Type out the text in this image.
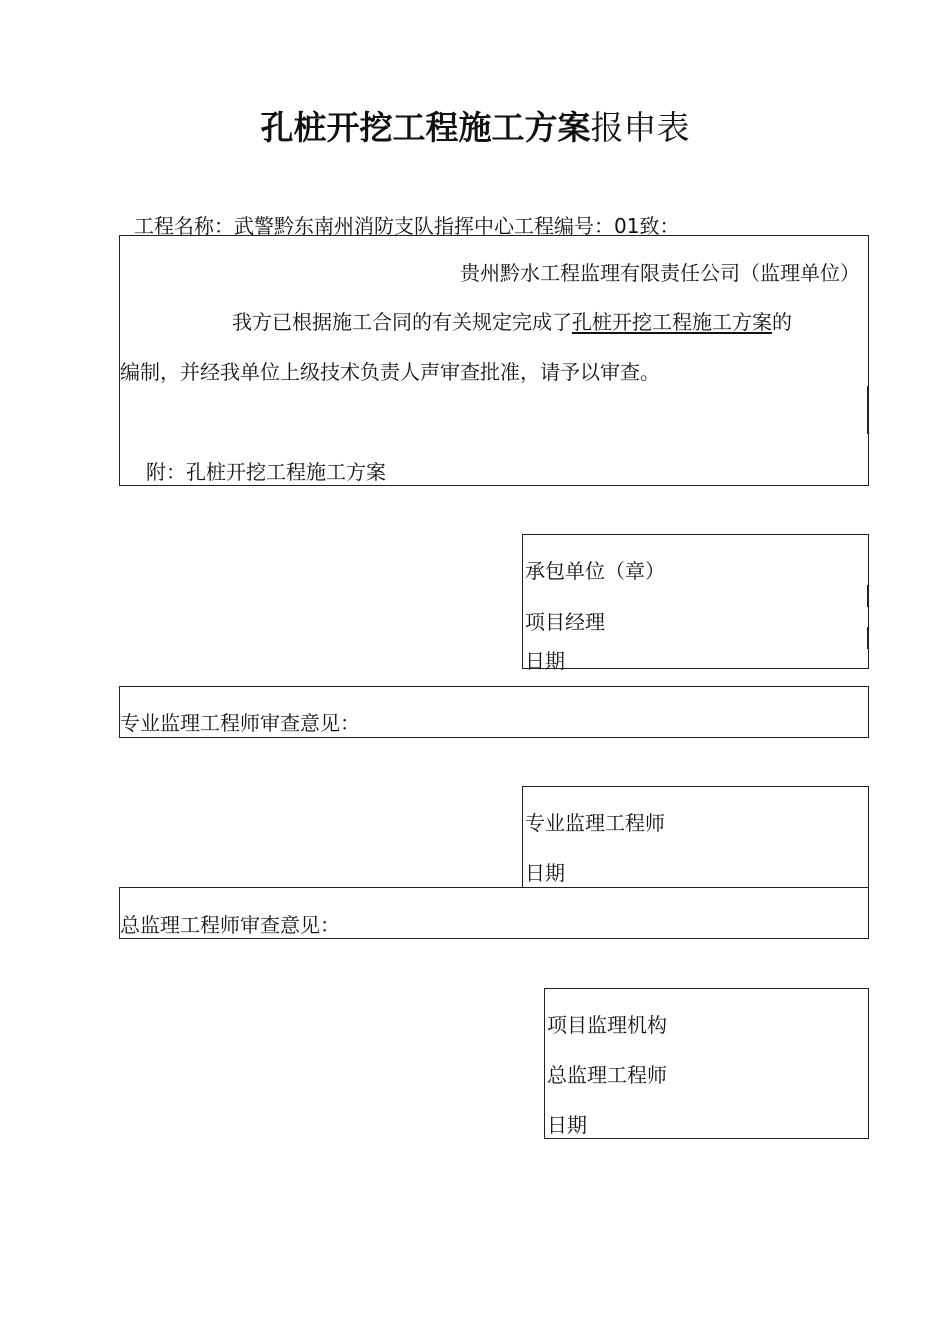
孔桩开挖工程施工方案报申表
工程名称：武警黔东南州消防支队指挥中心工程编号：01致：
贵州黔水工程监理有限责任公司（监理单位）
我方已根据施工合同的有关规定完成了孔桩开挖工程施工方案的
编制，并经我单位上级技术负责人声审查批准，请予以审查。
附：孔桩开挖工程施工方案
承包单位（章）
项目经理
日期
专业监理工程师审查意见：
专业监理工程师
日期
总监理工程师审查意见：
项目监理机构
总监理工程师
日期
